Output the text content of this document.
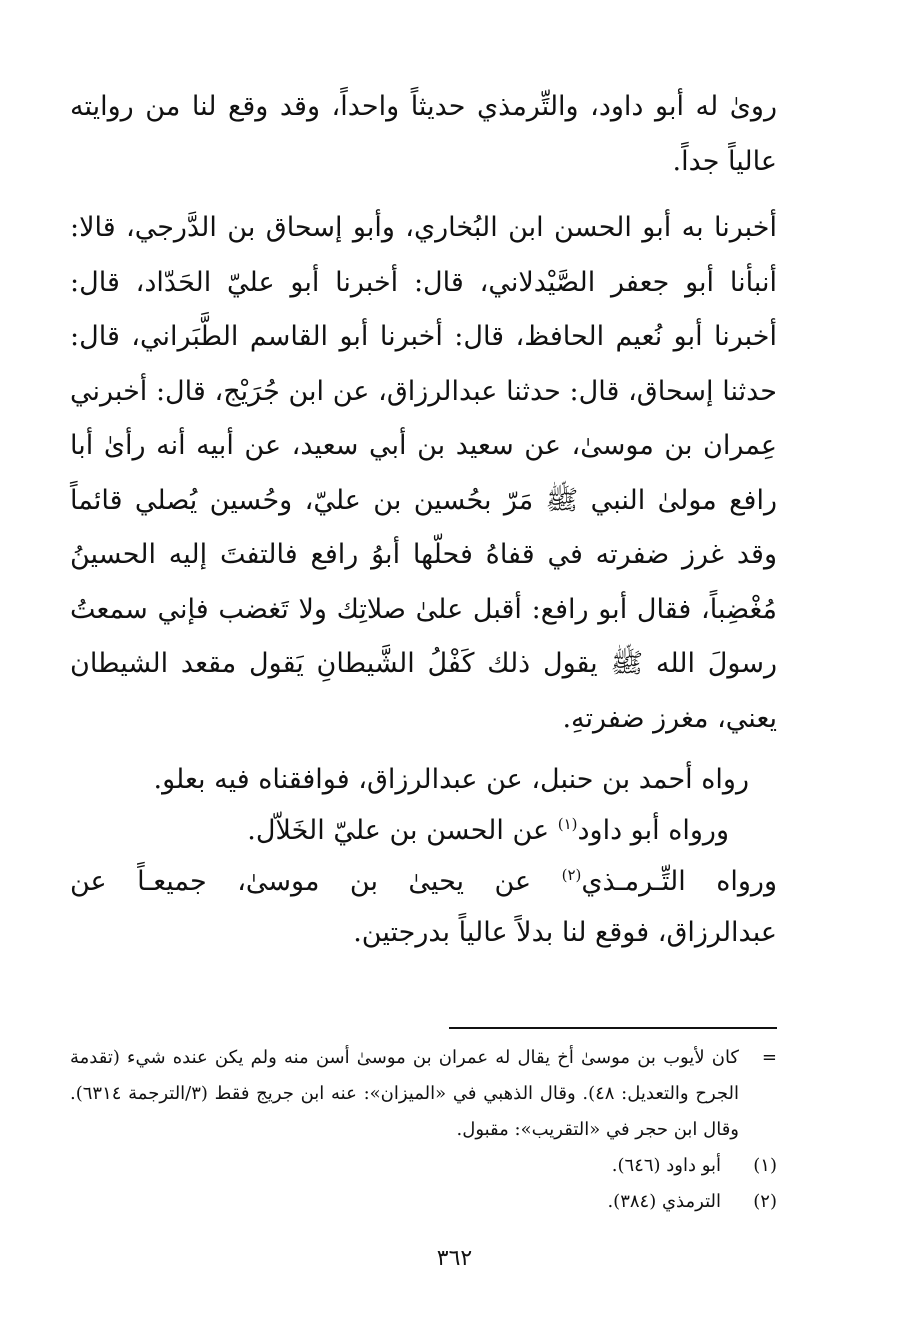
روىٰ له أبو داود، والتِّرمذي حديثاً واحداً، وقد وقع لنا من روايته عالياً جداً.

أخبرنا به أبو الحسن ابن البُخاري، وأبو إسحاق بن الدَّرجي، قالا: أنبأنا أبو جعفر الصَّيْدلاني، قال: أخبرنا أبو عليّ الحَدّاد، قال: أخبرنا أبو نُعيم الحافظ، قال: أخبرنا أبو القاسم الطَّبَراني، قال: حدثنا إسحاق، قال: حدثنا عبدالرزاق، عن ابن جُرَيْج، قال: أخبرني عِمران بن موسىٰ، عن سعيد بن أبي سعيد، عن أبيه أنه رأىٰ أبا رافع مولىٰ النبي ﷺ مَرّ بحُسين بن عليّ، وحُسين يُصلي قائماً وقد غرز ضفرته في قفاهُ فحلّها أبوُ رافع فالتفتَ إليه الحسينُ مُغْضِباً، فقال أبو رافع: أقبل علىٰ صلاتِك ولا تَغضب فإني سمعتُ رسولَ الله ﷺ يقول ذلك كَفْلُ الشَّيطانِ يَقول مقعد الشيطان يعني، مغرز ضفرتهِ.

رواه أحمد بن حنبل، عن عبدالرزاق، فوافقناه فيه بعلو.
ورواه أبو داود$^{(١)}$ عن الحسن بن عليّ الخَلاّل.
ورواه التِّـرمـذي$^{(٢)}$ عن يحيىٰ بن موسىٰ، جميعـاً عن
عبدالرزاق، فوقع لنا بدلاً عالياً بدرجتين.
=
كان لأيوب بن موسىٰ أخ يقال له عمران بن موسىٰ أسن منه ولم يكن عنده شيء (تقدمة الجرح والتعديل: ٤٨). وقال الذهبي في «الميزان»: عنه ابن جريج فقط (٣/الترجمة ٦٣١٤). وقال ابن حجر في «التقريب»: مقبول.
(١)
أبو داود (٦٤٦).
(٢)
الترمذي (٣٨٤).
٣٦٢
